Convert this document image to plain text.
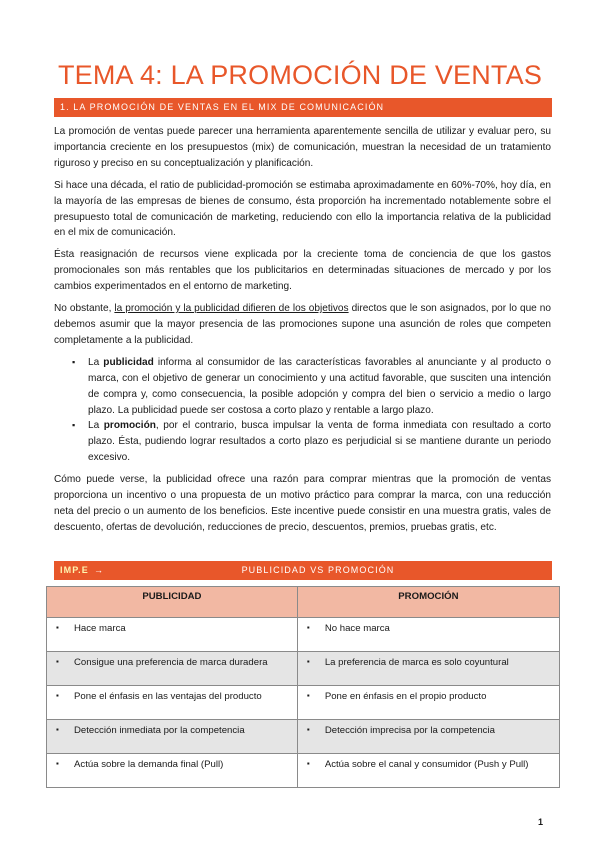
TEMA 4: LA PROMOCIÓN DE VENTAS
1. LA PROMOCIÓN DE VENTAS EN EL MIX DE COMUNICACIÓN

La promoción de ventas puede parecer una herramienta aparentemente sencilla de utilizar y evaluar pero, su importancia creciente en los presupuestos (mix) de comunicación, muestran la necesidad de un tratamiento riguroso y preciso en su conceptualización y planificación.

Si hace una década, el ratio de publicidad-promoción se estimaba aproximadamente en 60%-70%, hoy día, en la mayoría de las empresas de bienes de consumo, ésta proporción ha incrementado notablemente sobre el presupuesto total de comunicación de marketing, reduciendo con ello la importancia relativa de la publicidad en el mix de comunicación.

Ésta reasignación de recursos viene explicada por la creciente toma de conciencia de que los gastos promocionales son más rentables que los publicitarios en determinadas situaciones de mercado y por los cambios experimentados en el entorno de marketing.

No obstante, la promoción y la publicidad difieren de los objetivos directos que le son asignados, por lo que no debemos asumir que la mayor presencia de las promociones supone una asunción de roles que competen completamente a la publicidad.

▪ La publicidad informa al consumidor de las características favorables al anunciante y al producto o marca, con el objetivo de generar un conocimiento y una actitud favorable, que susciten una intención de compra y, como consecuencia, la posible adopción y compra del bien o servicio a medio o largo plazo. La publicidad puede ser costosa a corto plazo y rentable a largo plazo.
▪ La promoción, por el contrario, busca impulsar la venta de forma inmediata con resultado a corto plazo. Ésta, pudiendo lograr resultados a corto plazo es perjudicial si se mantiene durante un periodo excesivo.

Cómo puede verse, la publicidad ofrece una razón para comprar mientras que la promoción de ventas proporciona un incentivo o una propuesta de un motivo práctico para comprar la marca, con una reducción neta del precio o un aumento de los beneficios. Este incentive puede consistir en una muestra gratis, vales de descuento, ofertas de devolución, reducciones de precio, descuentos, premios, pruebas gratis, etc.

PUBLICIDAD VS PROMOCIÓN
IMP.E →
PUBLICIDAD	PROMOCIÓN

▪ Hace marca	▪ No hace marca

▪ Consigue una preferencia de marca duradera	▪ La preferencia de marca es solo coyuntural

▪ Pone el énfasis en las ventajas del producto	▪ Pone en énfasis en el propio producto

▪ Detección inmediata por la competencia	▪ Detección imprecisa por la competencia

▪ Actúa sobre la demanda final (Pull)	▪ Actúa sobre el canal y consumidor (Push y Pull)
1
